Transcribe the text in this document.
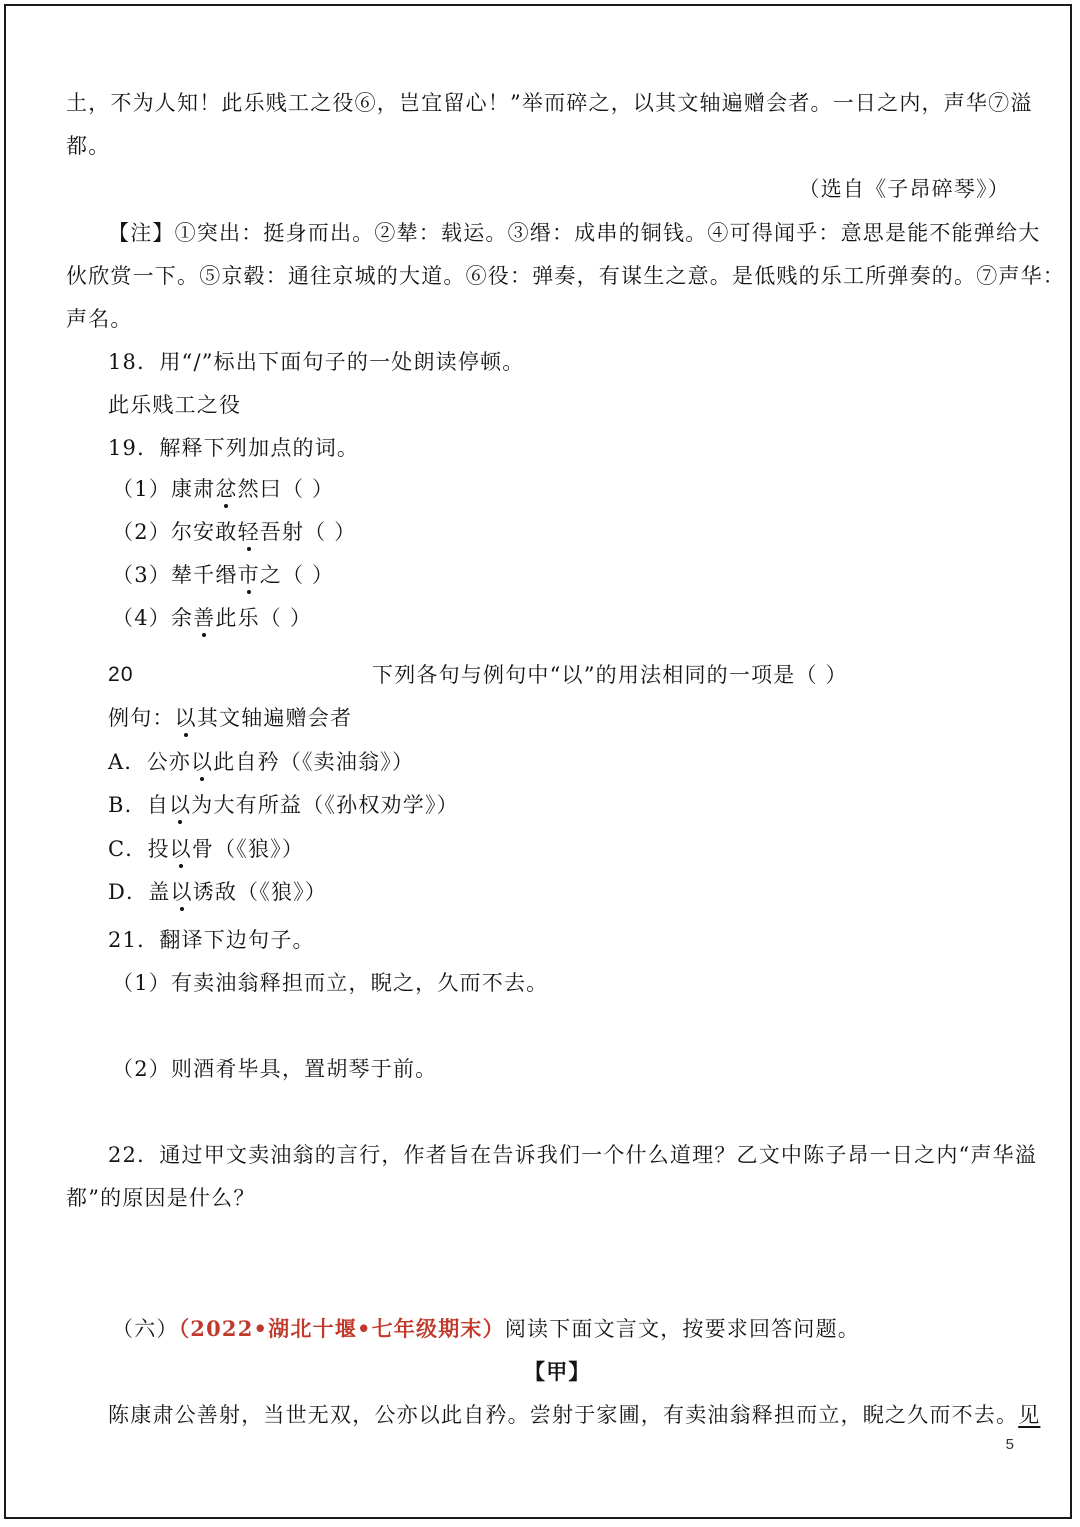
土，不为人知！此乐贱工之役⑥，岂宜留心！”举而碎之，以其文轴遍赠会者。一日之内，声华⑦溢
都。
（选自《子昂碎琴》）
【注】①突出：挺身而出。②辇：载运。③缗：成串的铜钱。④可得闻乎：意思是能不能弹给大
伙欣赏一下。⑤京毂：通往京城的大道。⑥役：弹奏，有谋生之意。是低贱的乐工所弹奏的。⑦声华：
声名。
18．用“/”标出下面句子的一处朗读停顿。
此乐贱工之役
19．解释下列加点的词。
（1）康肃忿然曰（ ）
（2）尔安敢轻吾射（ ）
（3）辇千缗市之（ ）
（4）余善此乐（ ）
20	下列各句与例句中“以”的用法相同的一项是（ ）
例句：以其文轴遍赠会者
A．公亦以此自矜（《卖油翁》）
B．自以为大有所益（《孙权劝学》）
C．投以骨（《狼》）
D．盖以诱敌（《狼》）
21．翻译下边句子。
（1）有卖油翁释担而立，睨之，久而不去。
（2）则酒肴毕具，置胡琴于前。
22．通过甲文卖油翁的言行，作者旨在告诉我们一个什么道理？乙文中陈子昂一日之内“声华溢
都”的原因是什么？
（六）（2022•湖北十堰•七年级期末）阅读下面文言文，按要求回答问题。
【甲】
陈康肃公善射，当世无双，公亦以此自矜。尝射于家圃，有卖油翁释担而立，睨之久而不去。见
5
